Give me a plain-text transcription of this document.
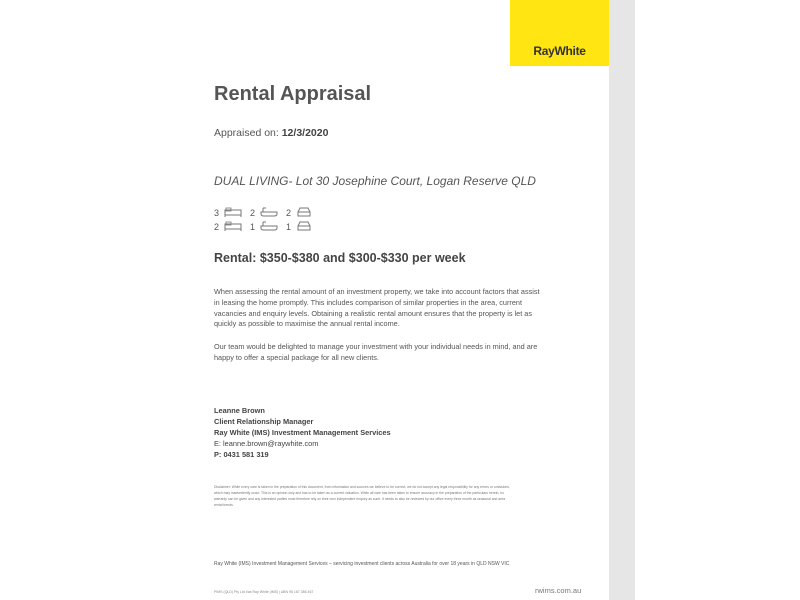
RayWhite
Rental Appraisal
Appraised on: 12/3/2020
DUAL LIVING- Lot 30 Josephine Court, Logan Reserve QLD
3	2	2
2	1	1
Rental: $350-$380 and $300-$330 per week
When assessing the rental amount of an investment property, we take into account factors that assist in leasing the home promptly. This includes comparison of similar properties in the area, current vacancies and enquiry levels. Obtaining a realistic rental amount ensures that the property is let as quickly as possible to maximise the annual rental income.
Our team would be delighted to manage your investment with your individual needs in mind, and are happy to offer a special package for all new clients.
Leanne Brown
Client Relationship Manager
Ray White (IMS) Investment Management Services
E: leanne.brown@raywhite.com
P: 0431 581 319
Disclaimer: While every care is taken in the preparation of this document, from information and sources we believe to be correct, we do not accept any legal responsibility for any errors or omissions, which may inadvertently occur. This is an opinion only and has to be taken as a current valuation. While all care has been taken to ensure accuracy in the preparation of the particulars herein, no warranty can be given and any interested parties must therefore rely on their own independent enquiry as such. It needs to also be reviewed by our office every three month as seasonal and area rental trends.
Ray White (IMS) Investment Management Services – servicing investment clients across Australia for over 18 years in QLD NSW VIC
PIMS (QLD) Pty Ltd t/as Ray White (IMS) | ABN 95 167 386 467	rwims.com.au
